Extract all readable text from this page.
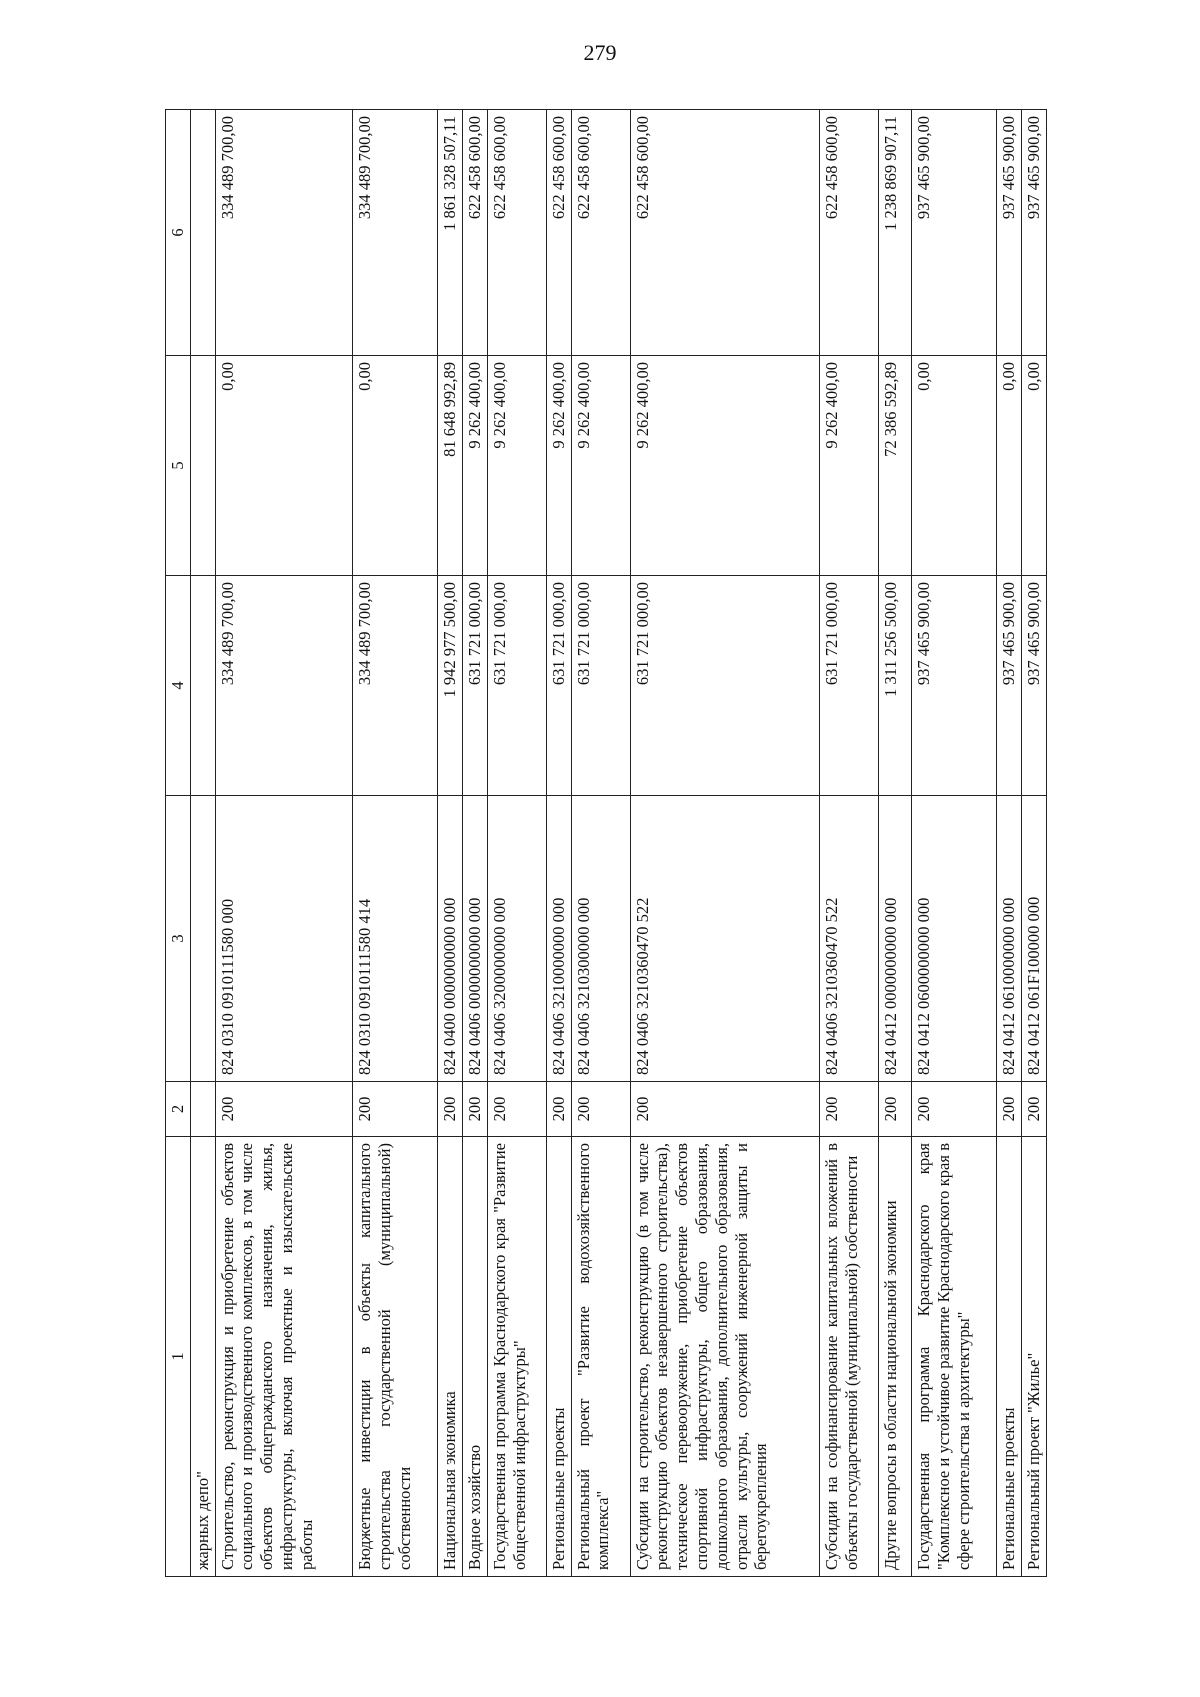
279
1	2	3	4	5	6
жарных депо"					
Строительство, реконструкция и приобретение объектов социального и производственного комплексов, в том числе объектов общегражданского назначения, жилья, инфраструктуры, включая проектные и изыскательские работы	200	824 0310 0910111580 000	334 489 700,00	0,00	334 489 700,00
Бюджетные инвестиции в объекты капитального строительства государственной (муниципальной) собственности	200	824 0310 0910111580 414	334 489 700,00	0,00	334 489 700,00
Национальная экономика	200	824 0400 0000000000 000	1 942 977 500,00	81 648 992,89	1 861 328 507,11
Водное хозяйство	200	824 0406 0000000000 000	631 721 000,00	9 262 400,00	622 458 600,00
Государственная программа Краснодарского края "Развитие общественной инфраструктуры"	200	824 0406 3200000000 000	631 721 000,00	9 262 400,00	622 458 600,00
Региональные проекты	200	824 0406 3210000000 000	631 721 000,00	9 262 400,00	622 458 600,00
Региональный проект "Развитие водохозяйственного комплекса"	200	824 0406 3210300000 000	631 721 000,00	9 262 400,00	622 458 600,00
Субсидии на строительство, реконструкцию (в том числе реконструкцию объектов незавершенного строительства), техническое перевооружение, приобретение объектов спортивной инфраструктуры, общего образования, дошкольного образования, дополнительного образования, отрасли культуры, сооружений инженерной защиты и берегоукрепления	200	824 0406 3210360470 522	631 721 000,00	9 262 400,00	622 458 600,00
Субсидии на софинансирование капитальных вложений в объекты государственной (муниципальной) собственности	200	824 0406 3210360470 522	631 721 000,00	9 262 400,00	622 458 600,00
Другие вопросы в области национальной экономики	200	824 0412 0000000000 000	1 311 256 500,00	72 386 592,89	1 238 869 907,11
Государственная программа Краснодарского края "Комплексное и устойчивое развитие Краснодарского края в сфере строительства и архитектуры"	200	824 0412 0600000000 000	937 465 900,00	0,00	937 465 900,00
Региональные проекты	200	824 0412 0610000000 000	937 465 900,00	0,00	937 465 900,00
Региональный проект "Жилье"	200	824 0412 061F100000 000	937 465 900,00	0,00	937 465 900,00
